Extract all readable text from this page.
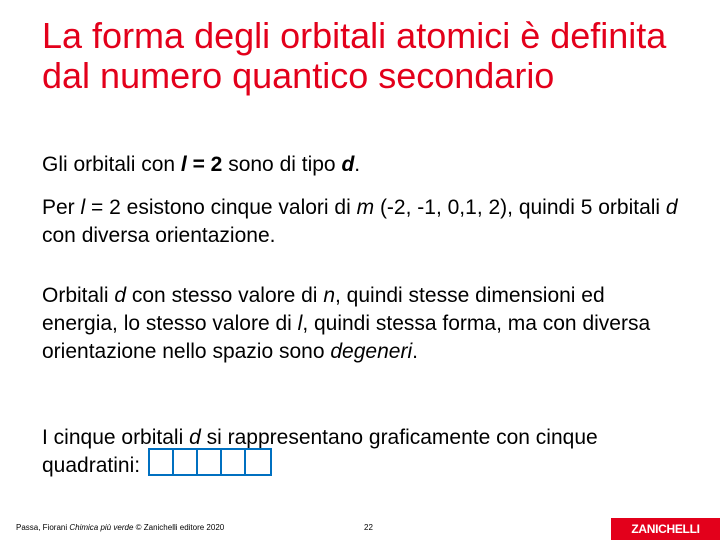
La forma degli orbitali atomici è definita dal numero quantico secondario

Gli orbitali con l = 2 sono di tipo d.

Per l = 2 esistono cinque valori di m (-2, -1, 0,1, 2), quindi 5 orbitali d con diversa orientazione.

Orbitali d con stesso valore di n, quindi stesse dimensioni ed energia, lo stesso valore di l, quindi stessa forma, ma con diversa orientazione nello spazio sono degeneri.

I cinque orbitali d si rappresentano graficamente con cinque quadratini:

Passa, Fiorani Chimica più verde © Zanichelli editore 2020	22	ZANICHELLI
